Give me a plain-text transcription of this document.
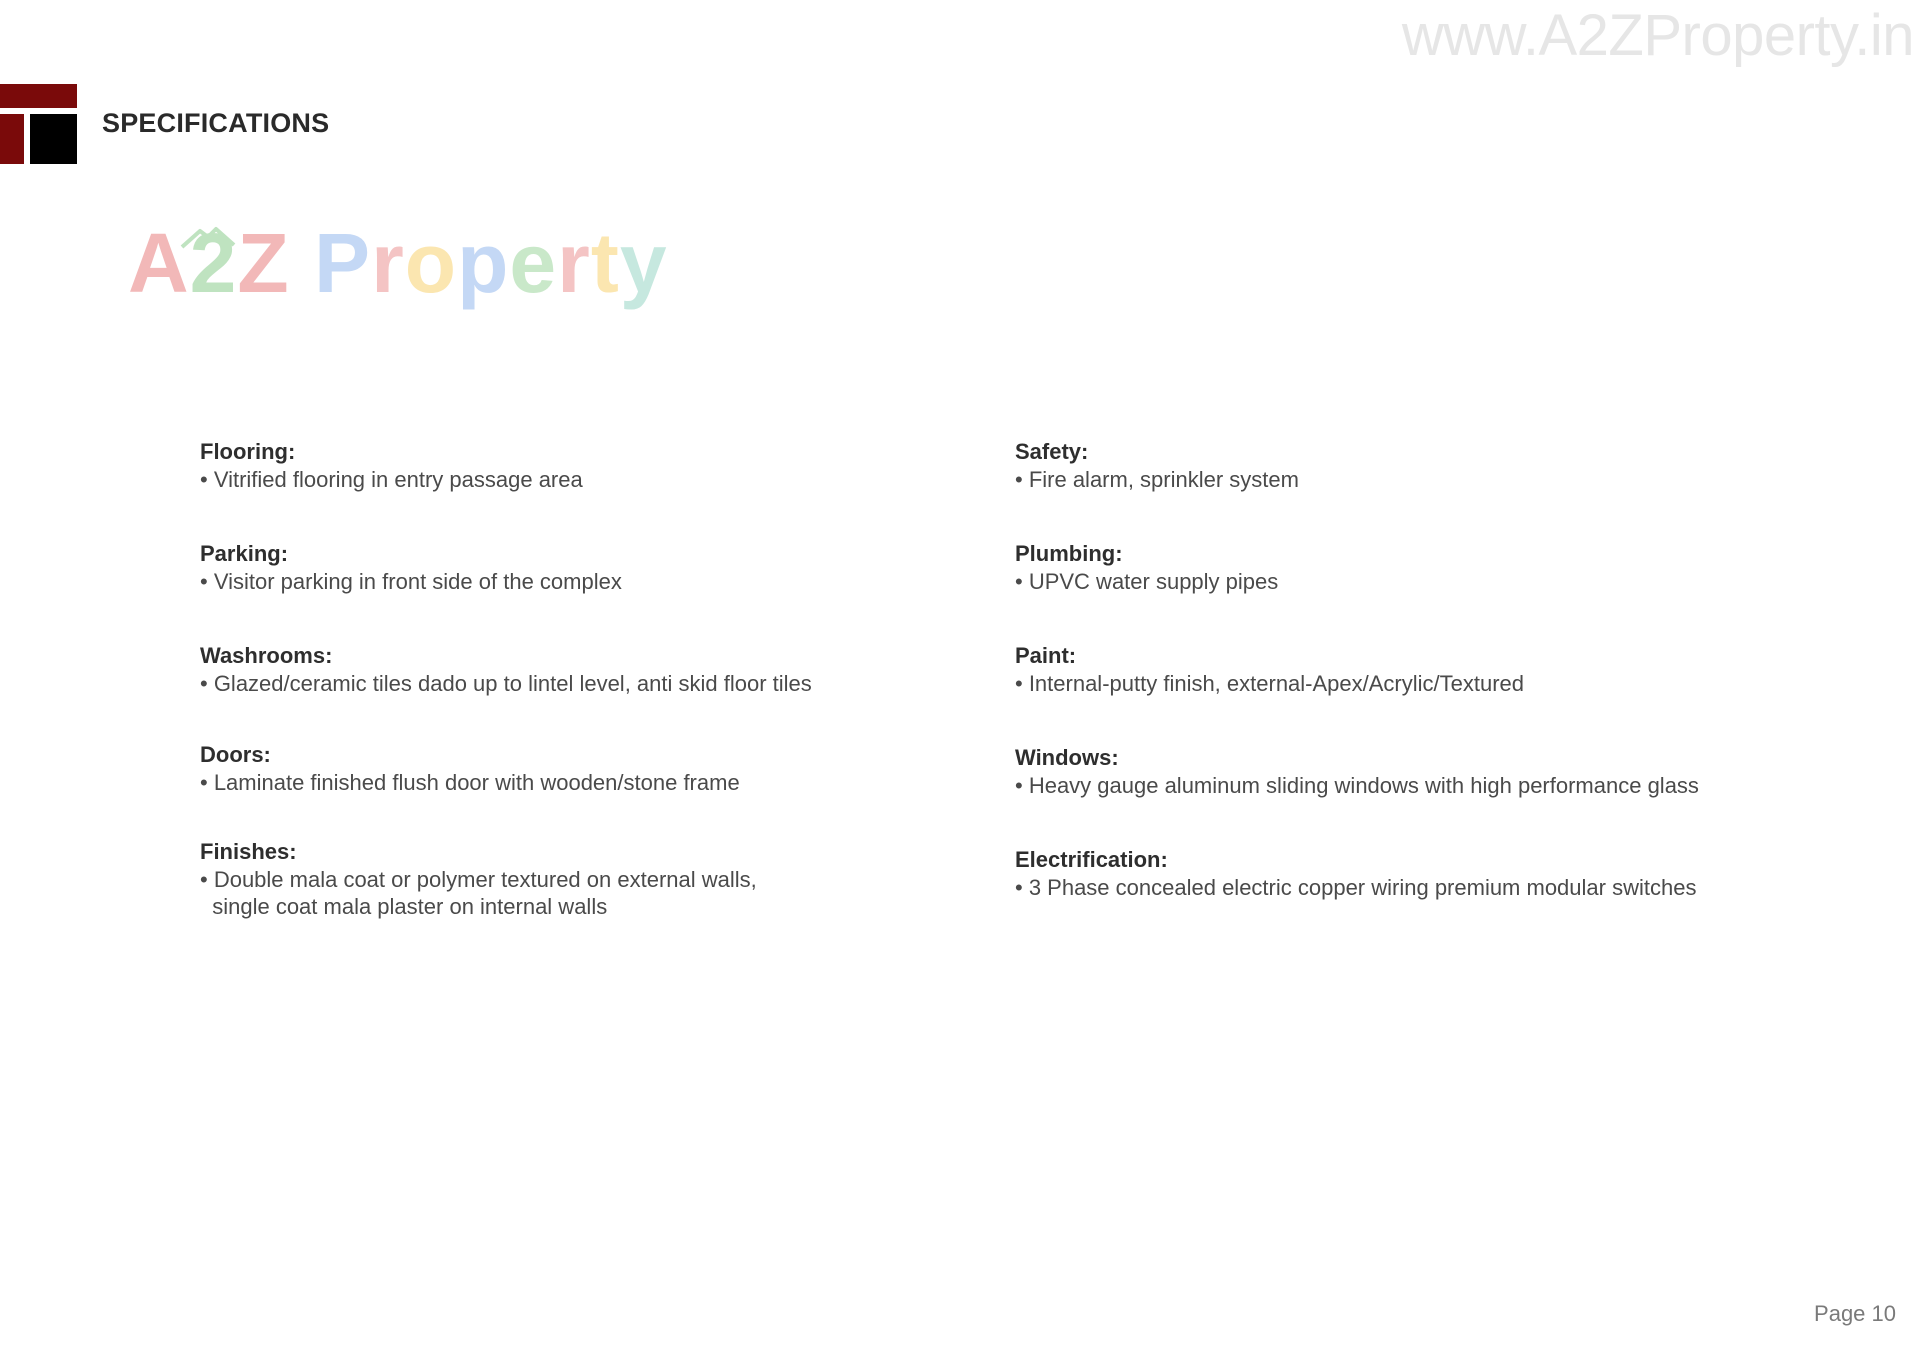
www.A2ZProperty.in
SPECIFICATIONS
A2Z Property
Flooring:
• Vitrified flooring in entry passage area
Parking:
• Visitor parking in front side of the complex
Washrooms:
• Glazed/ceramic tiles dado up to lintel level, anti skid floor tiles
Doors:
• Laminate finished flush door with wooden/stone frame
Finishes:
• Double mala coat or polymer textured on external walls,
single coat mala plaster on internal walls
Safety:
• Fire alarm, sprinkler system
Plumbing:
• UPVC water supply pipes
Paint:
• Internal-putty finish, external-Apex/Acrylic/Textured
Windows:
• Heavy gauge aluminum sliding windows with high performance glass
Electrification:
• 3 Phase concealed electric copper wiring premium modular switches
Page 10
